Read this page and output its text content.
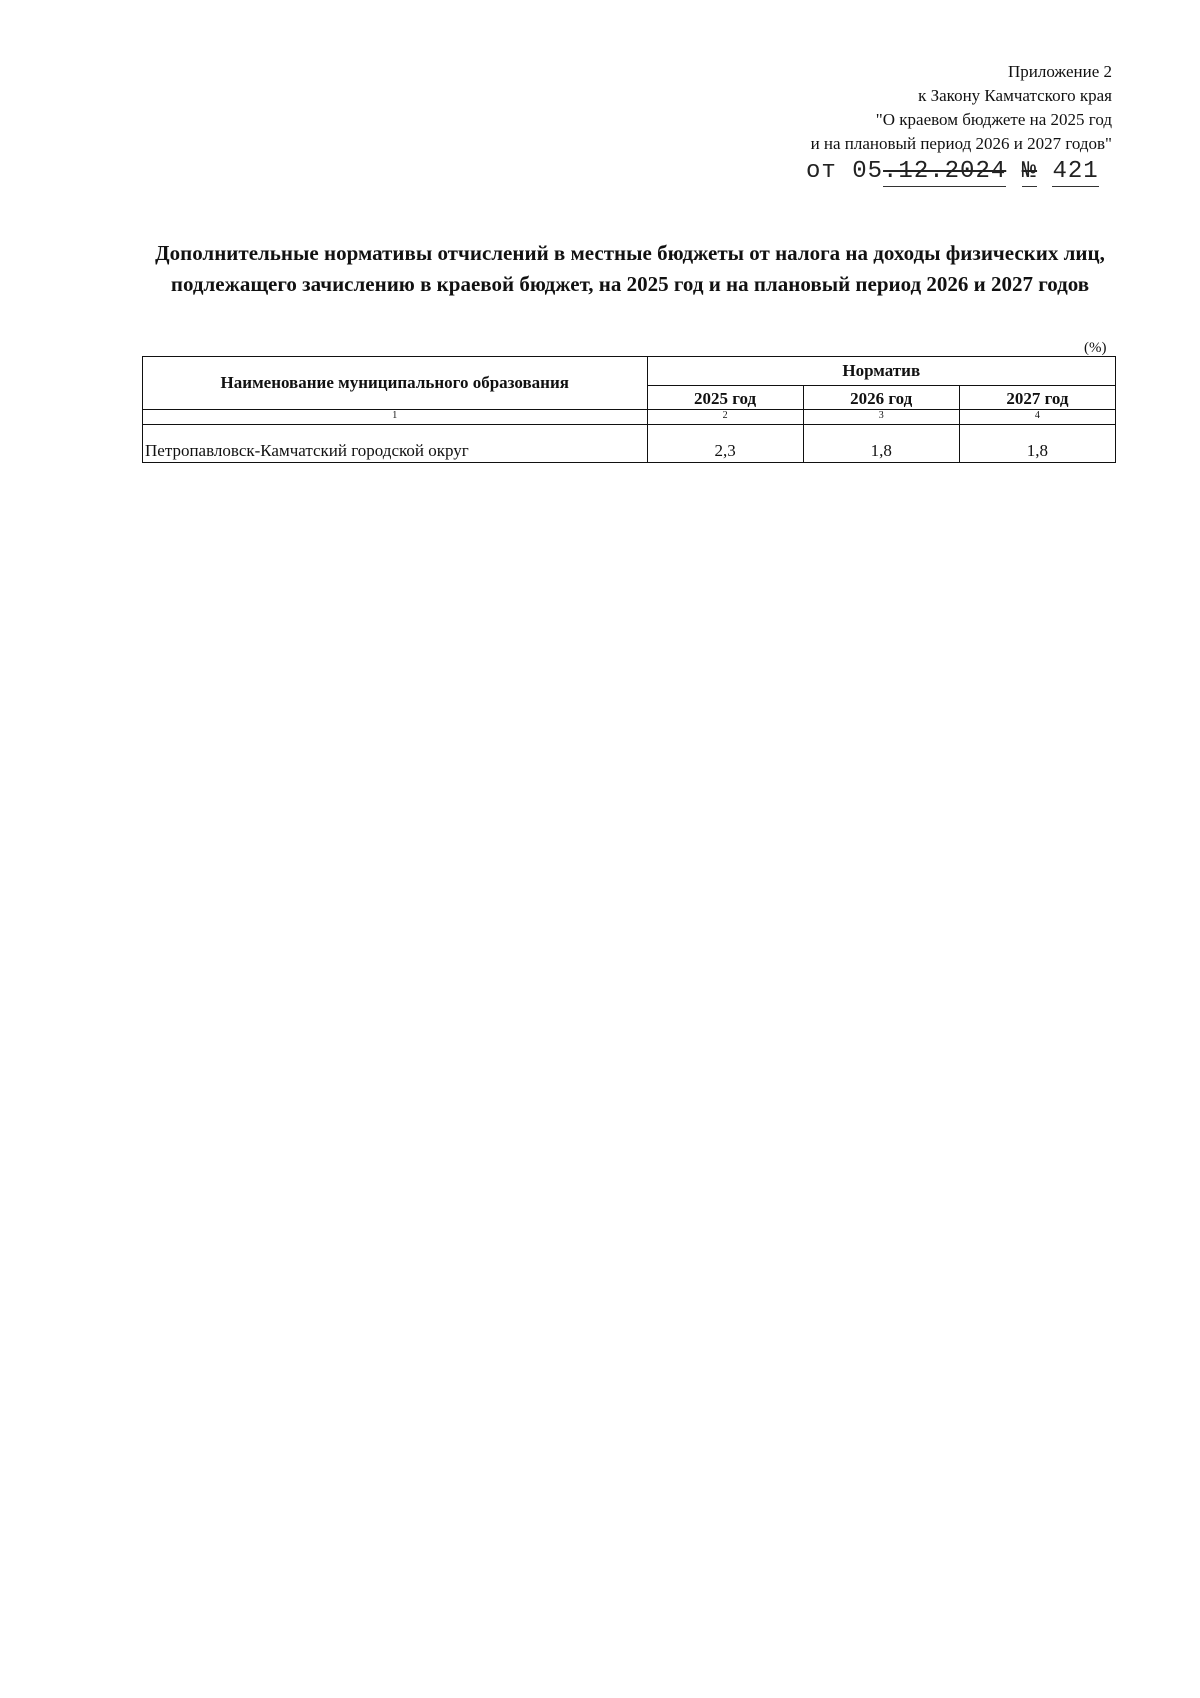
Приложение 2
к Закону Камчатского края
"О краевом бюджете на 2025 год
и на плановый период 2026 и 2027 годов"
от 05.12.2024 № 421
Дополнительные нормативы отчислений в местные бюджеты от налога на доходы физических лиц, подлежащего зачислению в краевой бюджет, на 2025 год и на плановый период 2026 и 2027 годов
(%)
Наименование муниципального образования	Норматив		
	2025 год	2026 год	2027 год
1	2	3	4
Петропавловск-Камчатский городской округ	2,3	1,8	1,8
